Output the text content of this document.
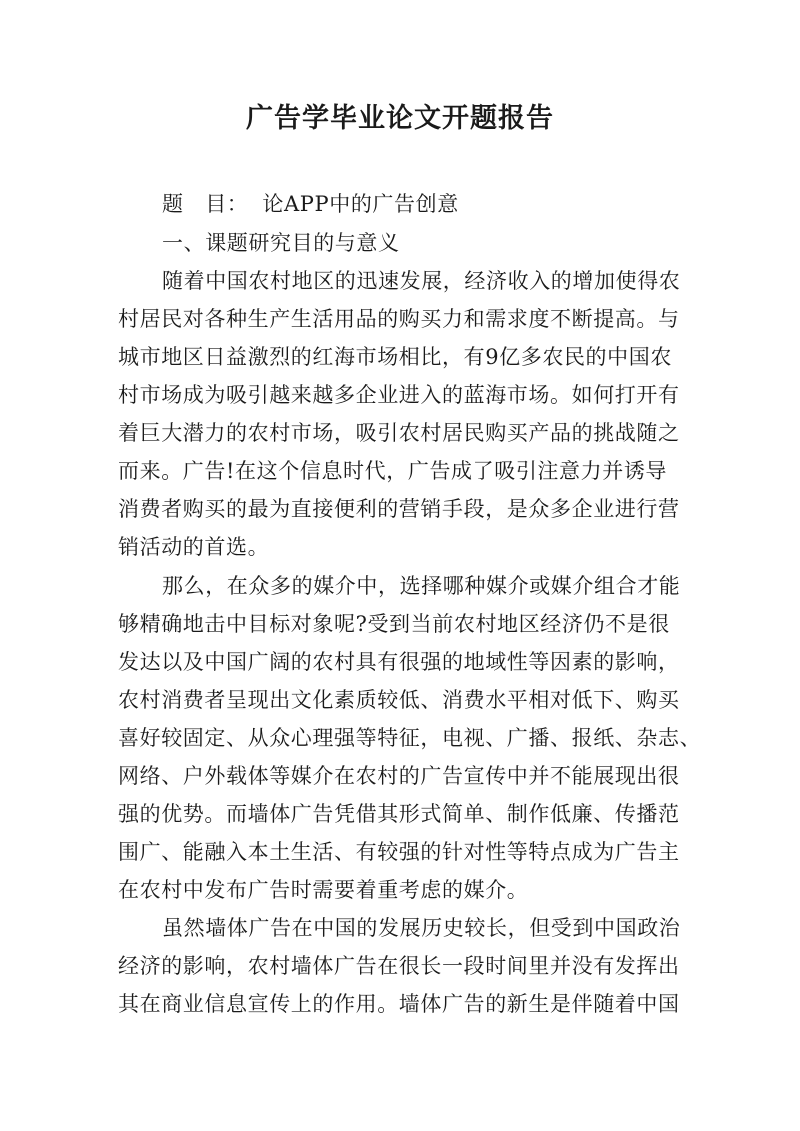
广告学毕业论文开题报告

题　目： 论APP中的广告创意

一、课题研究目的与意义

随着中国农村地区的迅速发展，经济收入的增加使得农

村居民对各种生产生活用品的购买力和需求度不断提高。与

城市地区日益激烈的红海市场相比，有9亿多农民的中国农

村市场成为吸引越来越多企业进入的蓝海市场。如何打开有

着巨大潜力的农村市场，吸引农村居民购买产品的挑战随之

而来。广告!在这个信息时代，广告成了吸引注意力并诱导

消费者购买的最为直接便利的营销手段，是众多企业进行营

销活动的首选。

那么，在众多的媒介中，选择哪种媒介或媒介组合才能

够精确地击中目标对象呢?受到当前农村地区经济仍不是很

发达以及中国广阔的农村具有很强的地域性等因素的影响，

农村消费者呈现出文化素质较低、消费水平相对低下、购买

喜好较固定、从众心理强等特征，电视、广播、报纸、杂志、

网络、户外载体等媒介在农村的广告宣传中并不能展现出很

强的优势。而墙体广告凭借其形式简单、制作低廉、传播范

围广、能融入本土生活、有较强的针对性等特点成为广告主

在农村中发布广告时需要着重考虑的媒介。

虽然墙体广告在中国的发展历史较长，但受到中国政治

经济的影响，农村墙体广告在很长一段时间里并没有发挥出

其在商业信息宣传上的作用。墙体广告的新生是伴随着中国
